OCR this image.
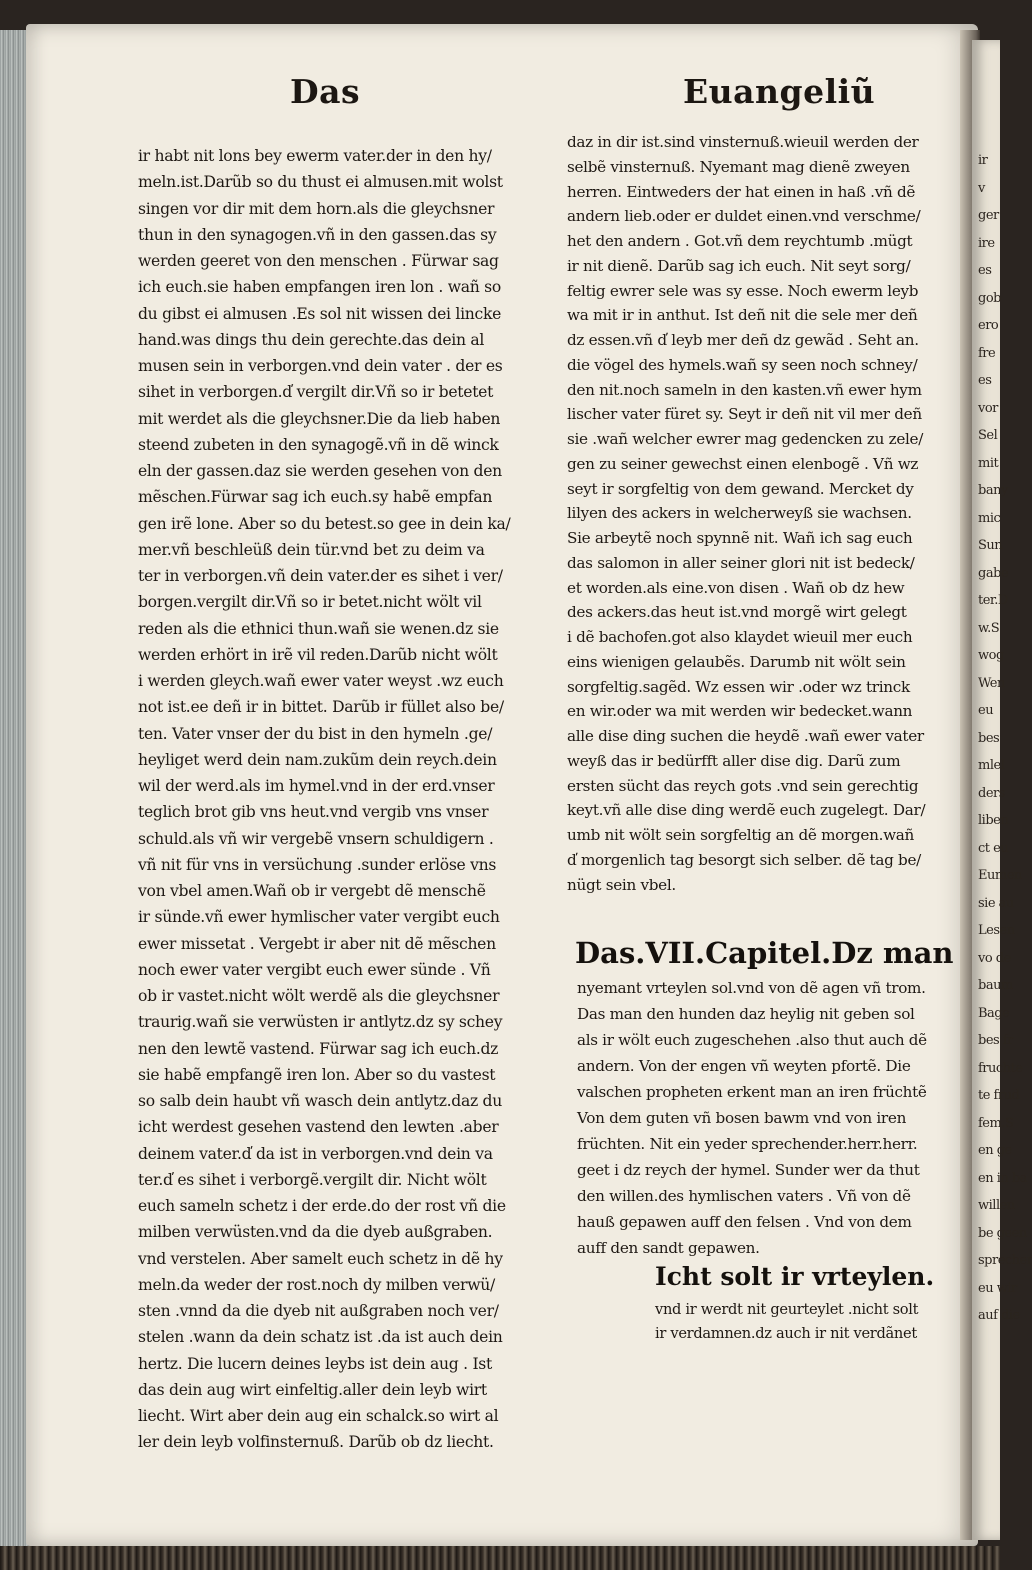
ir
v
ger
ire
es
gob
ero
fre
es
vor
Sel
mit
bany
mic
Sun
gabe
ter.D
w.S
wog
Wen
eu
bes
mlel
ders
liben
ct eu
Eumen
sie au
Lesen
vo de
baum
Bage
bes fr
fruchte
te frud
fem.S
en ge
en in ba
willen
be geen
sprecher
eu wir
auf die
Das	Euangeliũ
ir habt nit lons bey ewerm vater.der in den hy/
meln.ist.Darũb so du thust ei almusen.mit wolst
singen vor dir mit dem horn.als die gleychsner
thun in den synagogen.vñ in den gassen.das sy
werden geeret von den menschen . Fürwar sag
ich euch.sie haben empfangen iren lon . wañ so
du gibst ei almusen .Es sol nit wissen dei lincke
hand.was dings thu dein gerechte.das dein al
musen sein in verborgen.vnd dein vater . der es
sihet in verborgen.d̕ vergilt dir.Vñ so ir betetet
mit werdet als die gleychsner.Die da lieb haben
steend zubeten in den synagogẽ.vñ in dẽ winck
eln der gassen.daz sie werden gesehen von den
mẽschen.Fürwar sag ich euch.sy habẽ empfan
gen irẽ lone. Aber so du betest.so gee in dein ka/
mer.vñ beschleüß dein tür.vnd bet zu deim va
ter in verborgen.vñ dein vater.der es sihet i ver/
borgen.vergilt dir.Vñ so ir betet.nicht wölt vil
reden als die ethnici thun.wañ sie wenen.dz sie
werden erhört in irẽ vil reden.Darũb nicht wölt
i werden gleych.wañ ewer vater weyst .wz euch
not ist.ee deñ ir in bittet. Darũb ir füllet also be/
ten. Vater vnser der du bist in den hymeln .ge/
heyliget werd dein nam.zukũm dein reych.dein
wil der werd.als im hymel.vnd in der erd.vnser
teglich brot gib vns heut.vnd vergib vns vnser
schuld.als vñ wir vergebẽ vnsern schuldigern .
vñ nit für vns in versüchung .sunder erlöse vns
von vbel amen.Wañ ob ir vergebt dẽ menschẽ
ir sünde.vñ ewer hymlischer vater vergibt euch
ewer missetat . Vergebt ir aber nit dẽ mẽschen
noch ewer vater vergibt euch ewer sünde . Vñ
ob ir vastet.nicht wölt werdẽ als die gleychsner
traurig.wañ sie verwüsten ir antlytz.dz sy schey
nen den lewtẽ vastend. Fürwar sag ich euch.dz
sie habẽ empfangẽ iren lon. Aber so du vastest
so salb dein haubt vñ wasch dein antlytz.daz du
icht werdest gesehen vastend den lewten .aber
deinem vater.d̕ da ist in verborgen.vnd dein va
ter.d̕ es sihet i verborgẽ.vergilt dir. Nicht wölt
euch sameln schetz i der erde.do der rost vñ die
milben verwüsten.vnd da die dyeb außgraben.
vnd verstelen. Aber samelt euch schetz in dẽ hy
meln.da weder der rost.noch dy milben verwü/
sten .vnnd da die dyeb nit außgraben noch ver/
stelen .wann da dein schatz ist .da ist auch dein
hertz. Die lucern deines leybs ist dein aug . Ist
das dein aug wirt einfeltig.aller dein leyb wirt
liecht. Wirt aber dein aug ein schalck.so wirt al
ler dein leyb volfinsternuß. Darũb ob dz liecht.
daz in dir ist.sind vinsternuß.wieuil werden der
selbẽ vinsternuß. Nyemant mag dienẽ zweyen
herren. Eintweders der hat einen in haß .vñ dẽ
andern lieb.oder er duldet einen.vnd verschme/
het den andern . Got.vñ dem reychtumb .mügt
ir nit dienẽ. Darũb sag ich euch. Nit seyt sorg/
feltig ewrer sele was sy esse. Noch ewerm leyb
wa mit ir in anthut. Ist deñ nit die sele mer deñ
dz essen.vñ d̕ leyb mer deñ dz gewãd . Seht an.
die vögel des hymels.wañ sy seen noch schney/
den nit.noch sameln in den kasten.vñ ewer hym
lischer vater füret sy. Seyt ir deñ nit vil mer deñ
sie .wañ welcher ewrer mag gedencken zu zele/
gen zu seiner gewechst einen elenbogẽ . Vñ wz
seyt ir sorgfeltig von dem gewand. Mercket dy
lilyen des ackers in welcherweyß sie wachsen.
Sie arbeytẽ noch spynnẽ nit. Wañ ich sag euch
das salomon in aller seiner glori nit ist bedeck/
et worden.als eine.von disen . Wañ ob dz hew
des ackers.das heut ist.vnd morgẽ wirt gelegt
i dẽ bachofen.got also klaydet wieuil mer euch
eins wienigen gelaubẽs. Darumb nit wölt sein
sorgfeltig.sagẽd. Wz essen wir .oder wz trinck
en wir.oder wa mit werden wir bedecket.wann
alle dise ding suchen die heydẽ .wañ ewer vater
weyß das ir bedürfft aller dise dig. Darũ zum
ersten sücht das reych gots .vnd sein gerechtig
keyt.vñ alle dise ding werdẽ euch zugelegt. Dar/
umb nit wölt sein sorgfeltig an dẽ morgen.wañ
d̕ morgenlich tag besorgt sich selber. dẽ tag be/
nügt sein vbel.
Das.VII.Capitel.Dz man
nyemant vrteylen sol.vnd von dẽ agen vñ trom.
Das man den hunden daz heylig nit geben sol
als ir wölt euch zugeschehen .also thut auch dẽ
andern. Von der engen vñ weyten pfortẽ. Die
valschen propheten erkent man an iren früchtẽ
Von dem guten vñ bosen bawm vnd von iren
früchten. Nit ein yeder sprechender.herr.herr.
geet i dz reych der hymel. Sunder wer da thut
den willen.des hymlischen vaters . Vñ von dẽ
hauß gepawen auff den felsen . Vnd von dem
auff den sandt gepawen.
Icht solt ir vrteylen.
vnd ir werdt nit geurteylet .nicht solt
ir verdamnen.dz auch ir nit verdãnet
